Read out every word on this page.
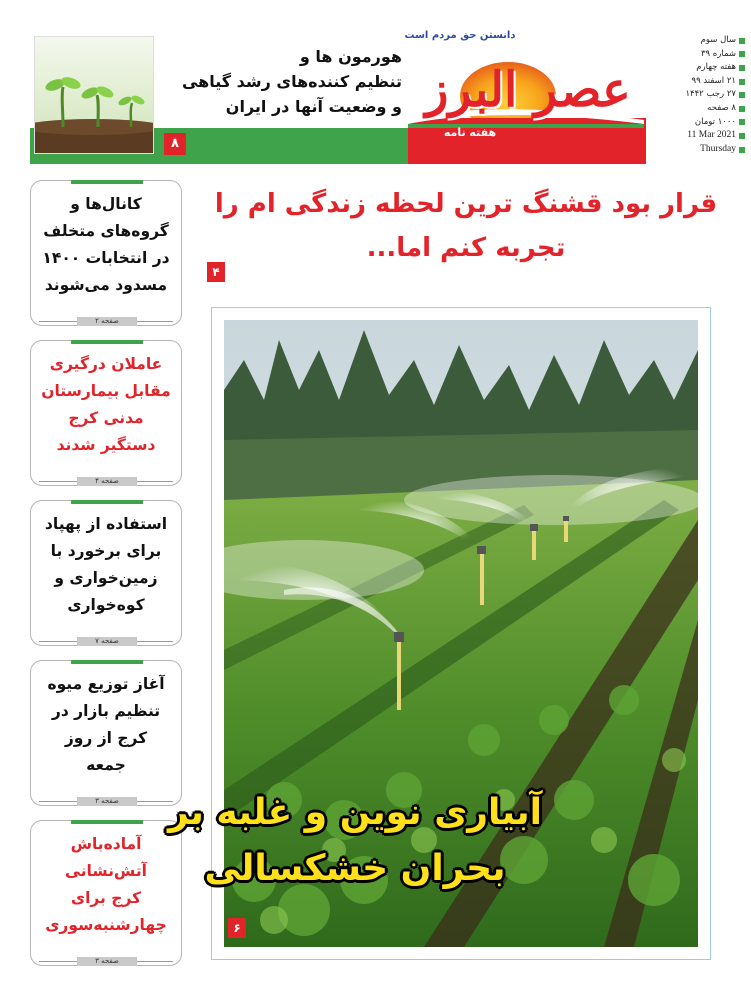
هورمون ها و
تنظیم کننده‌های رشد گیاهی
و وضعیت آنها در ایران
۸
دانستن حق مردم است
عصر البرز
هفته نامه
سال سوم
شماره ۳۹
هفته چهارم
۲۱ اسفند ۹۹
۲۷ رجب ۱۴۴۲
۸ صفحه
۱۰۰۰ تومان
11 Mar 2021
Thursday
قرار بود قشنگ ترین لحظه زندگی ام را
تجربه کنم اما...
۴
کانال‌ها و
گروه‌های متخلف
در انتخابات ۱۴۰۰
مسدود می‌شوند
صفحه ۲
عاملان درگیری
مقابل بیمارستان
مدنی کرج
دستگیر شدند
صفحه ۴
استفاده از پهپاد
برای برخورد با
زمین‌خواری و
کوه‌خواری
صفحه ۷
آغاز توزیع میوه
تنظیم بازار در
کرج از روز
جمعه
صفحه ۳
آماده‌باش
آتش‌نشانی
کرج برای
چهارشنبه‌سوری
صفحه ۳
آبیاری نوین و غلبه بر
بحران خشکسالی
۶
